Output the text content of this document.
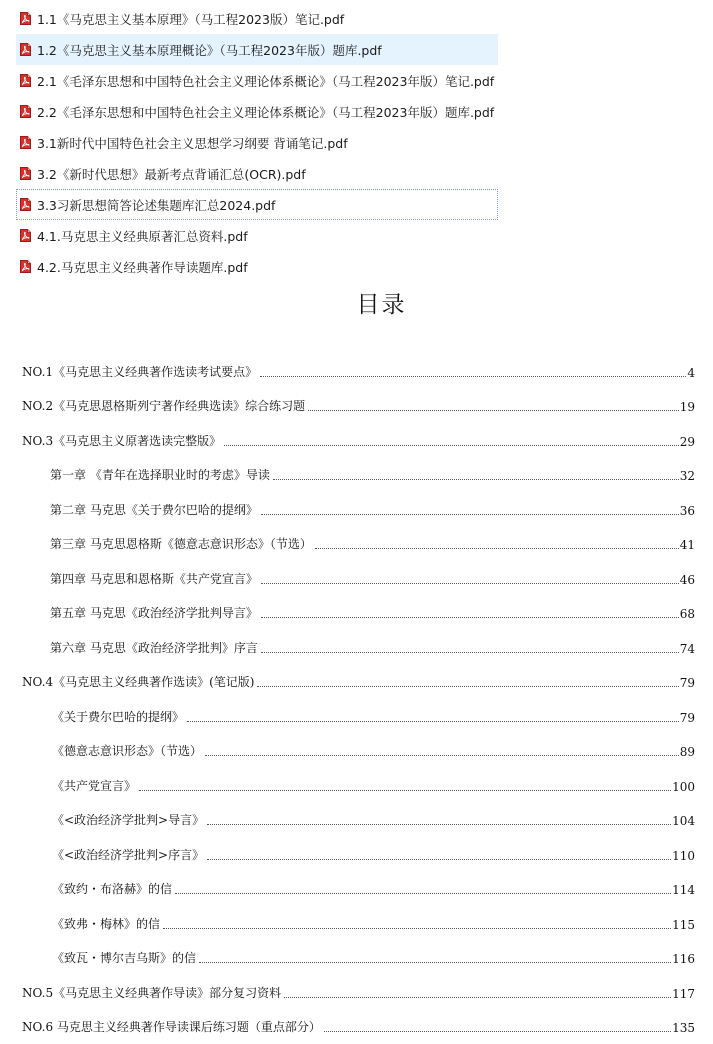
1.1《马克思主义基本原理》（马工程2023版）笔记.pdf
1.2《马克思主义基本原理概论》（马工程2023年版）题库.pdf
2.1《毛泽东思想和中国特色社会主义理论体系概论》（马工程2023年版）笔记.pdf
2.2《毛泽东思想和中国特色社会主义理论体系概论》（马工程2023年版）题库.pdf
3.1新时代中国特色社会主义思想学习纲要 背诵笔记.pdf
3.2《新时代思想》最新考点背诵汇总(OCR).pdf
3.3习新思想简答论述集题库汇总2024.pdf
4.1.马克思主义经典原著汇总资料.pdf
4.2.马克思主义经典著作导读题库.pdf
目录
NO.1《马克思主义经典著作选读考试要点》	4
NO.2《马克思恩格斯列宁著作经典选读》综合练习题	19
NO.3《马克思主义原著选读完整版》	29
第一章 《青年在选择职业时的考虑》导读	32
第二章 马克思《关于费尔巴哈的提纲》	36
第三章 马克思恩格斯《德意志意识形态》（节选）	41
第四章 马克思和恩格斯《共产党宣言》	46
第五章 马克思《政治经济学批判导言》	68
第六章 马克思《政治经济学批判》序言	74
NO.4《马克思主义经典著作选读》(笔记版)	79
《关于费尔巴哈的提纲》	79
《德意志意识形态》（节选）	89
《共产党宣言》	100
《<政治经济学批判>导言》	104
《<政治经济学批判>序言》	110
《致约・布洛赫》的信	114
《致弗・梅林》的信	115
《致瓦・博尔吉乌斯》的信	116
NO.5《马克思主义经典著作导读》部分复习资料	117
NO.6 马克思主义经典著作导读课后练习题（重点部分）	135
